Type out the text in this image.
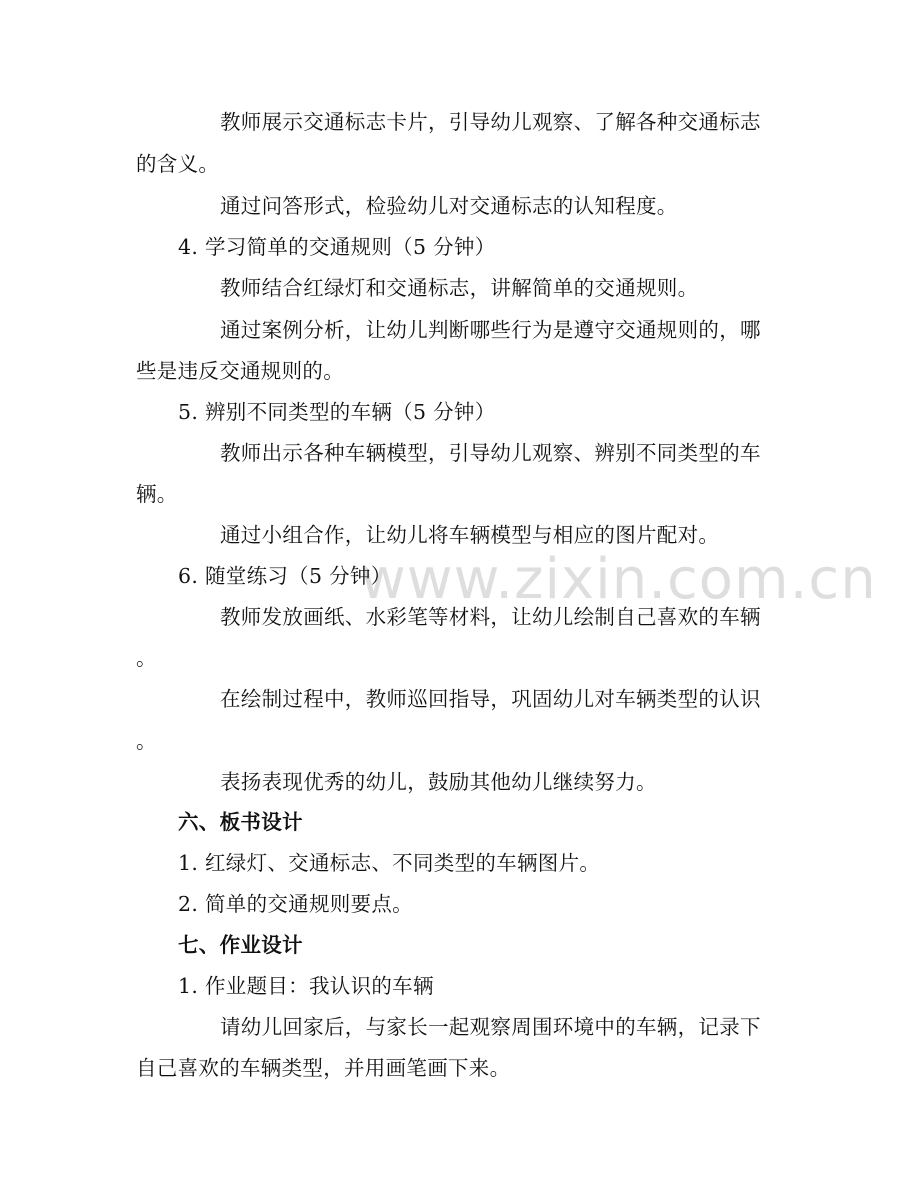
教师展示交通标志卡片，引导幼儿观察、了解各种交通标志
的含义。
通过问答形式，检验幼儿对交通标志的认知程度。
4. 学习简单的交通规则（5 分钟）
教师结合红绿灯和交通标志，讲解简单的交通规则。
通过案例分析，让幼儿判断哪些行为是遵守交通规则的，哪
些是违反交通规则的。
5. 辨别不同类型的车辆（5 分钟）
教师出示各种车辆模型，引导幼儿观察、辨别不同类型的车
辆。
通过小组合作，让幼儿将车辆模型与相应的图片配对。
6. 随堂练习（5 分钟）
教师发放画纸、水彩笔等材料，让幼儿绘制自己喜欢的车辆
。
在绘制过程中，教师巡回指导，巩固幼儿对车辆类型的认识
。
表扬表现优秀的幼儿，鼓励其他幼儿继续努力。
六、板书设计
1. 红绿灯、交通标志、不同类型的车辆图片。
2. 简单的交通规则要点。
七、作业设计
1. 作业题目：我认识的车辆
请幼儿回家后，与家长一起观察周围环境中的车辆，记录下
自己喜欢的车辆类型，并用画笔画下来。
www.zixin.com.cn
